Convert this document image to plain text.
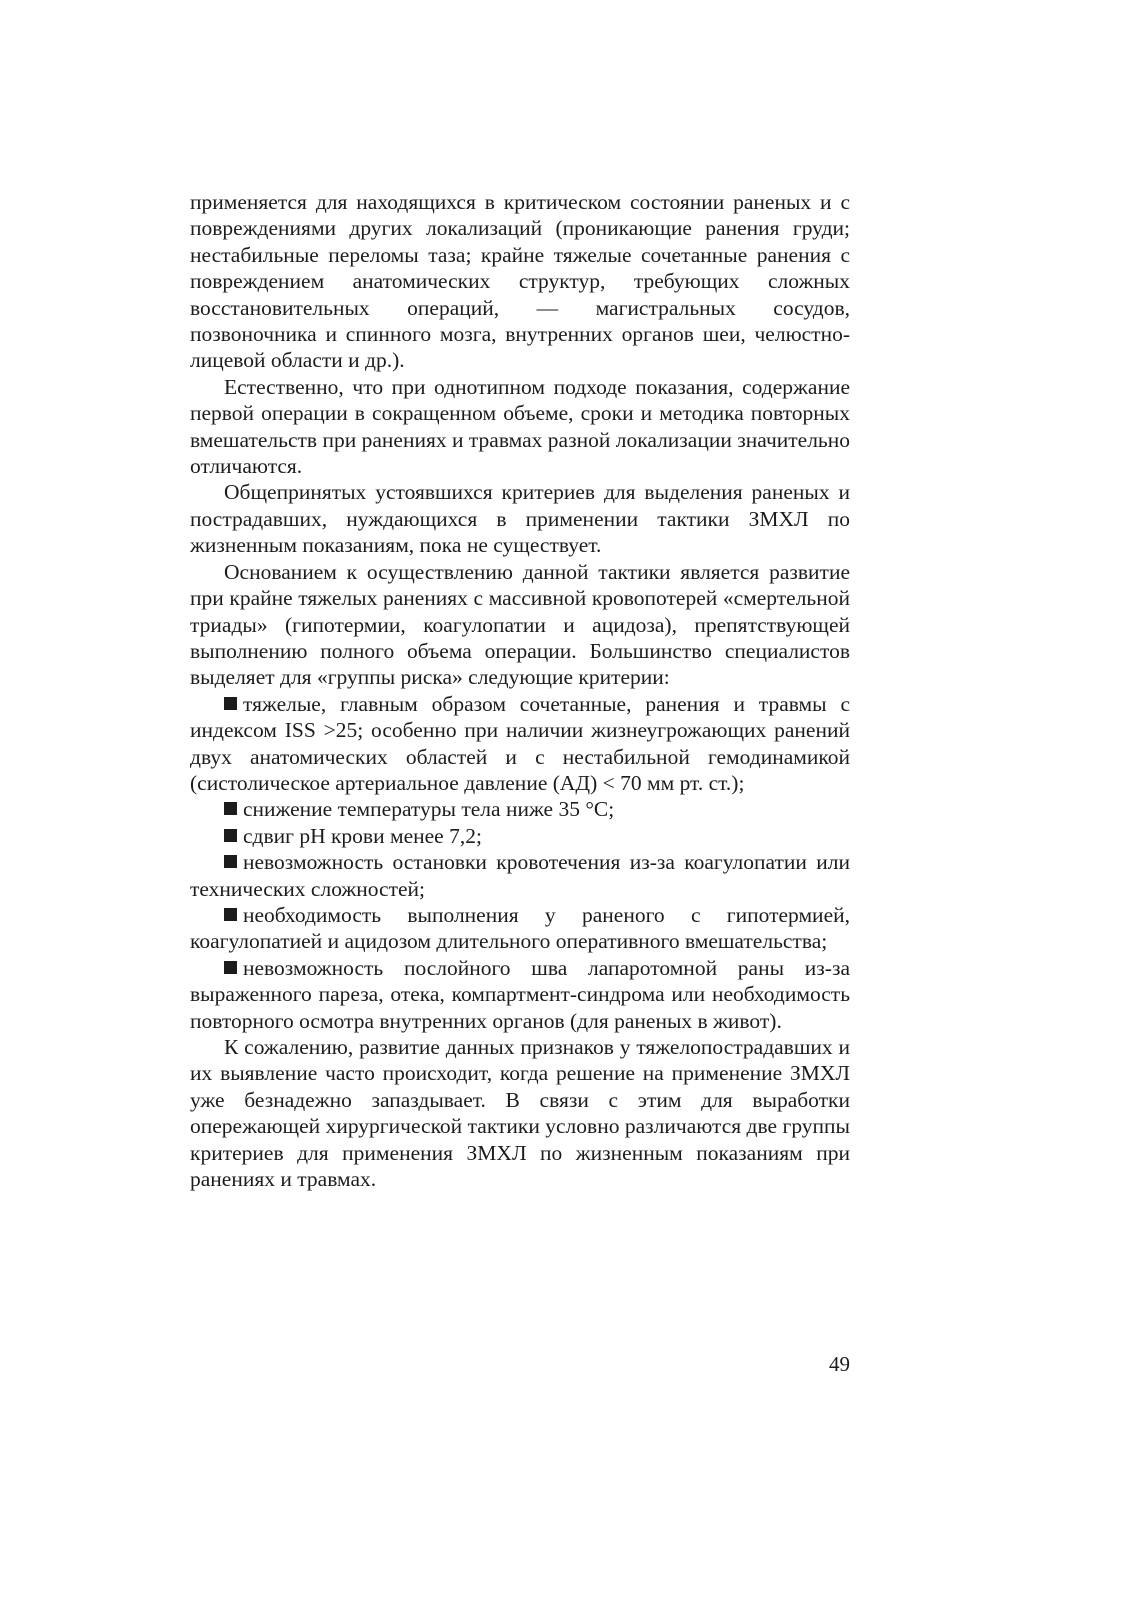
применяется для находящихся в критическом состоянии раненых и с повреждениями других локализаций (проникающие ранения груди; нестабильные переломы таза; крайне тяжелые сочетанные ранения с повреждением анатомических структур, требующих сложных восстановительных операций, — магистральных сосудов, позвоночника и спинного мозга, внутренних органов шеи, челюстно-лицевой области и др.).

Естественно, что при однотипном подходе показания, содержание первой операции в сокращенном объеме, сроки и методика повторных вмешательств при ранениях и травмах разной локализации значительно отличаются.

Общепринятых устоявшихся критериев для выделения раненых и пострадавших, нуждающихся в применении тактики ЗМХЛ по жизненным показаниям, пока не существует.

Основанием к осуществлению данной тактики является развитие при крайне тяжелых ранениях с массивной кровопотерей «смертельной триады» (гипотермии, коагулопатии и ацидоза), препятствующей выполнению полного объема операции. Большинство специалистов выделяет для «группы риска» следующие критерии:

тяжелые, главным образом сочетанные, ранения и травмы с индексом ISS >25; особенно при наличии жизнеугрожающих ранений двух анатомических областей и с нестабильной гемодинамикой (систолическое артериальное давление (АД) < 70 мм рт. ст.);

снижение температуры тела ниже 35 °C;

сдвиг pH крови менее 7,2;

невозможность остановки кровотечения из-за коагулопатии или технических сложностей;

необходимость выполнения у раненого с гипотермией, коагулопатией и ацидозом длительного оперативного вмешательства;

невозможность послойного шва лапаротомной раны из-за выраженного пареза, отека, компартмент-синдрома или необходимость повторного осмотра внутренних органов (для раненых в живот).

К сожалению, развитие данных признаков у тяжелопострадавших и их выявление часто происходит, когда решение на применение ЗМХЛ уже безнадежно запаздывает. В связи с этим для выработки опережающей хирургической тактики условно различаются две группы критериев для применения ЗМХЛ по жизненным показаниям при ранениях и травмах.

49
